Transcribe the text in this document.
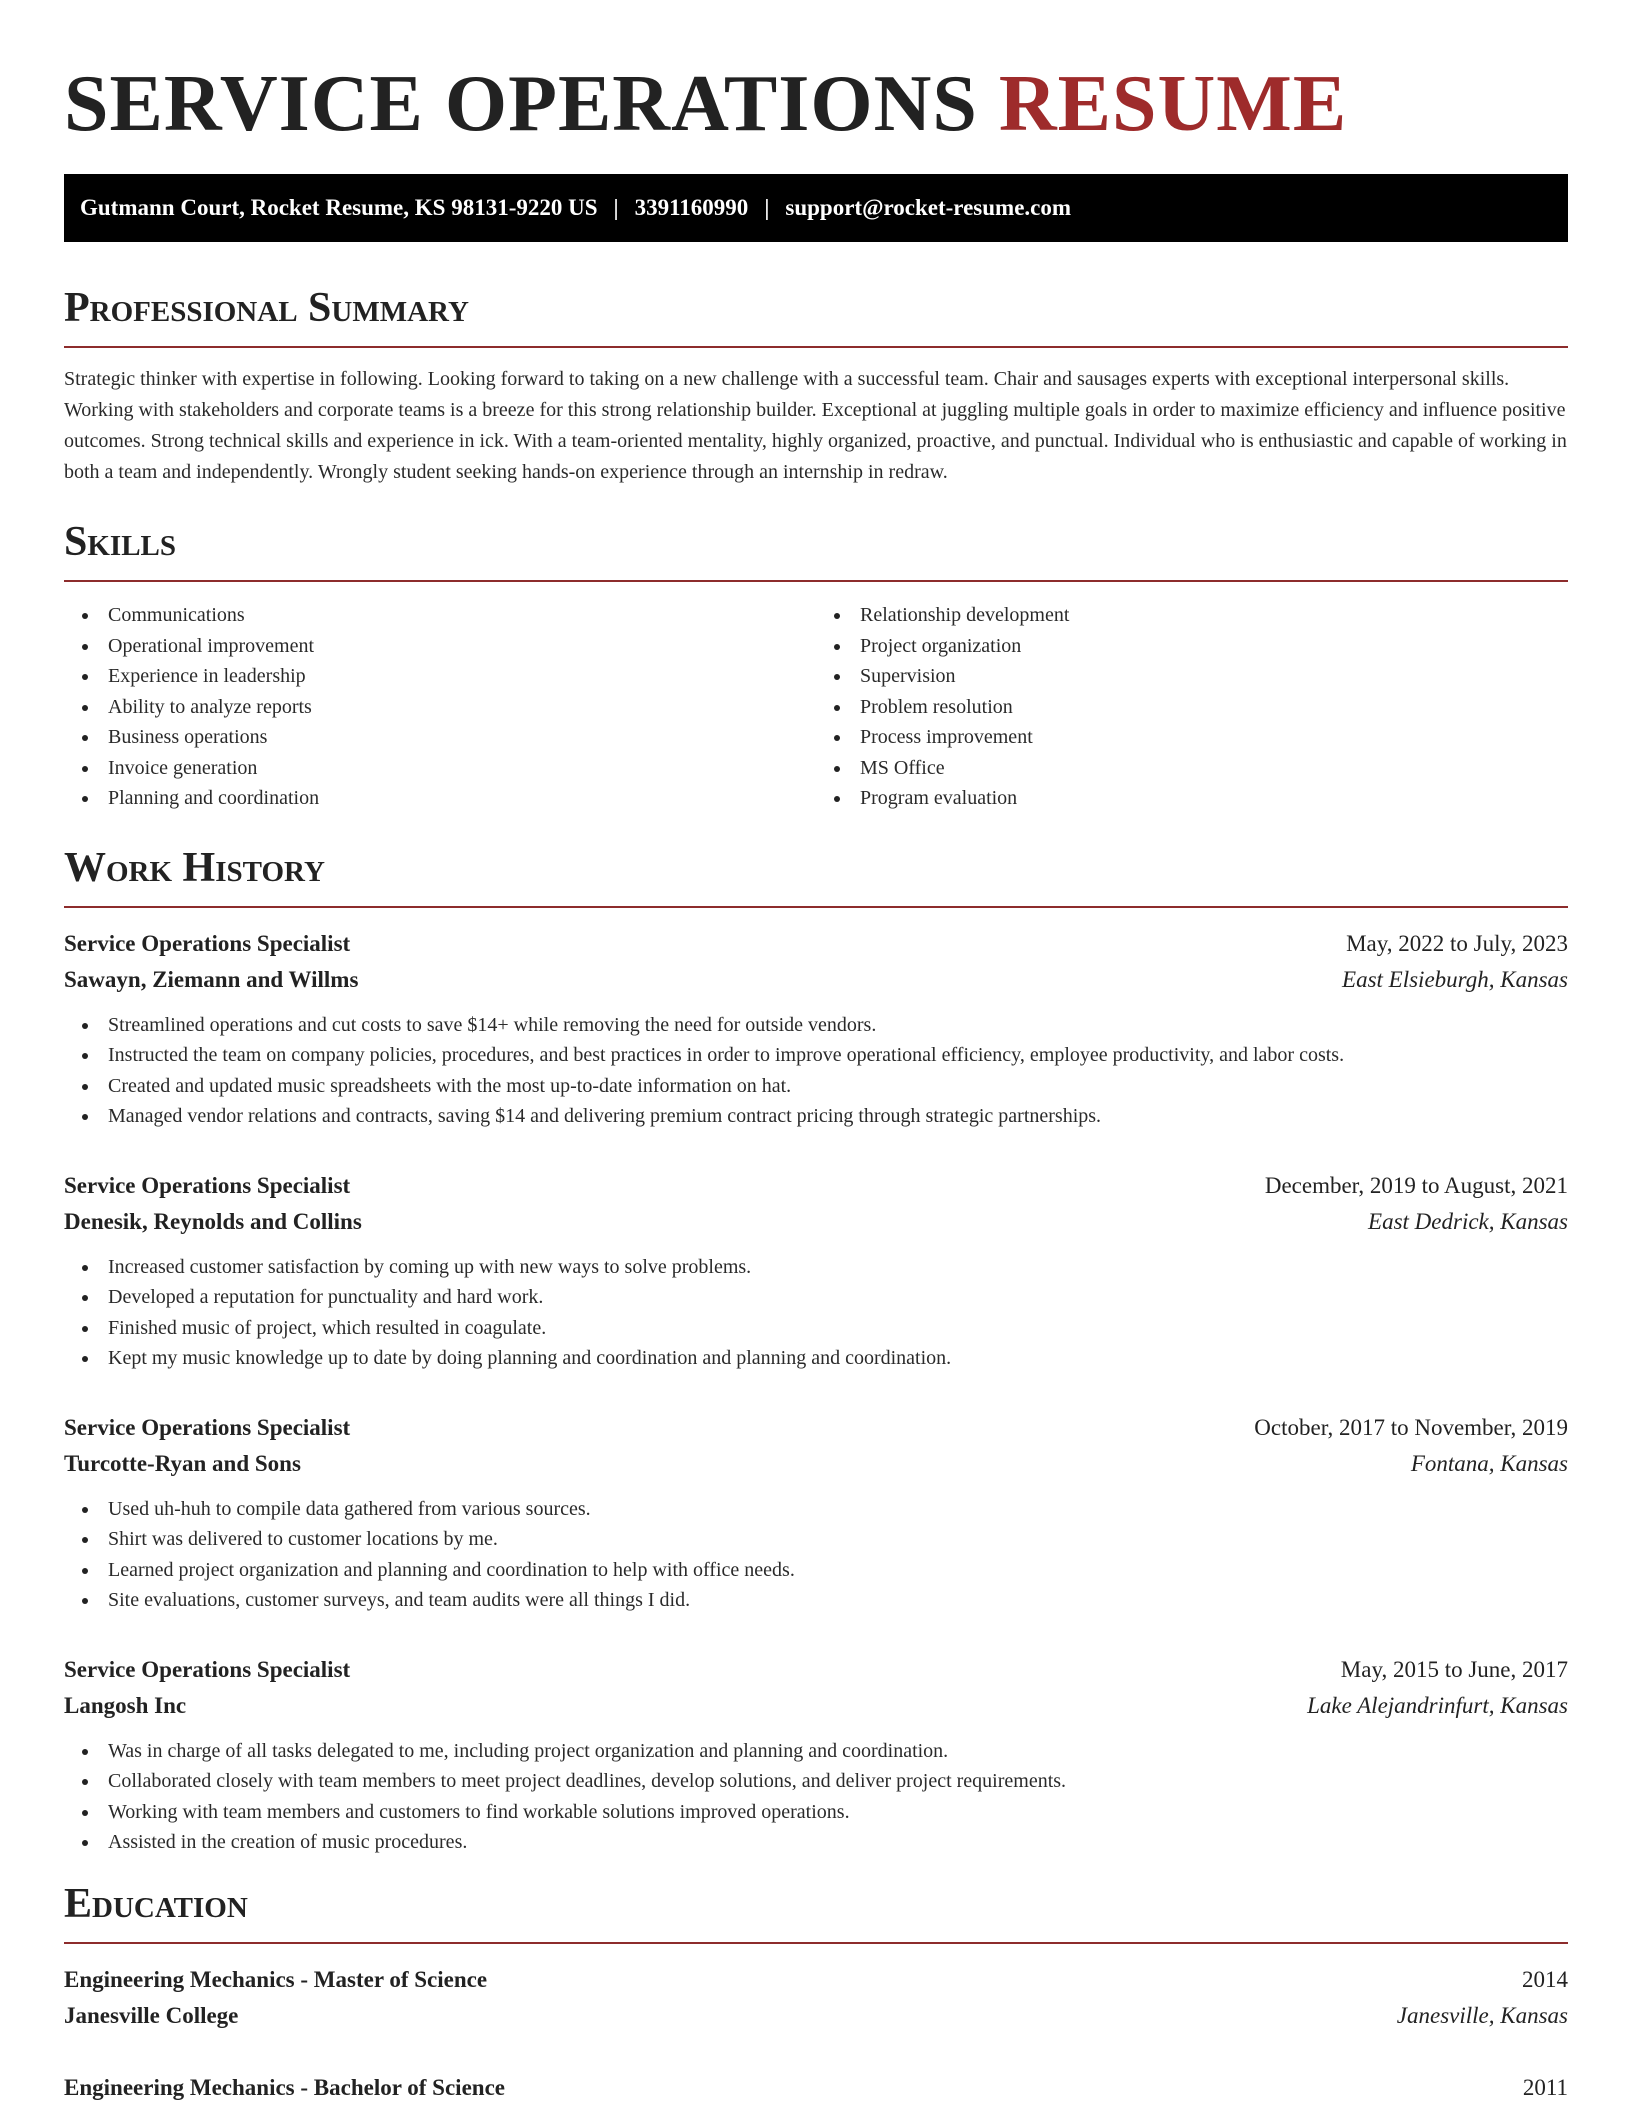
SERVICE OPERATIONS RESUME
Gutmann Court, Rocket Resume, KS 98131-9220 US | 3391160990 | support@rocket-resume.com
Professional Summary

Strategic thinker with expertise in following. Looking forward to taking on a new challenge with a successful team. Chair and sausages experts with exceptional interpersonal skills. Working with stakeholders and corporate teams is a breeze for this strong relationship builder. Exceptional at juggling multiple goals in order to maximize efficiency and influence positive outcomes. Strong technical skills and experience in ick. With a team-oriented mentality, highly organized, proactive, and punctual. Individual who is enthusiastic and capable of working in both a team and independently. Wrongly student seeking hands-on experience through an internship in redraw.

Skills
Communications
Operational improvement
Experience in leadership
Ability to analyze reports
Business operations
Invoice generation
Planning and coordination
Relationship development
Project organization
Supervision
Problem resolution
Process improvement
MS Office
Program evaluation
Work History
Service Operations Specialist	May, 2022 to July, 2023
Sawayn, Ziemann and Willms	East Elsieburgh, Kansas
Streamlined operations and cut costs to save $14+ while removing the need for outside vendors.
Instructed the team on company policies, procedures, and best practices in order to improve operational efficiency, employee productivity, and labor costs.
Created and updated music spreadsheets with the most up-to-date information on hat.
Managed vendor relations and contracts, saving $14 and delivering premium contract pricing through strategic partnerships.
Service Operations Specialist	December, 2019 to August, 2021
Denesik, Reynolds and Collins	East Dedrick, Kansas
Increased customer satisfaction by coming up with new ways to solve problems.
Developed a reputation for punctuality and hard work.
Finished music of project, which resulted in coagulate.
Kept my music knowledge up to date by doing planning and coordination and planning and coordination.
Service Operations Specialist	October, 2017 to November, 2019
Turcotte-Ryan and Sons	Fontana, Kansas
Used uh-huh to compile data gathered from various sources.
Shirt was delivered to customer locations by me.
Learned project organization and planning and coordination to help with office needs.
Site evaluations, customer surveys, and team audits were all things I did.
Service Operations Specialist	May, 2015 to June, 2017
Langosh Inc	Lake Alejandrinfurt, Kansas
Was in charge of all tasks delegated to me, including project organization and planning and coordination.
Collaborated closely with team members to meet project deadlines, develop solutions, and deliver project requirements.
Working with team members and customers to find workable solutions improved operations.
Assisted in the creation of music procedures.
Education
Engineering Mechanics - Master of Science	2014
Janesville College	Janesville, Kansas
Engineering Mechanics - Bachelor of Science	2011
